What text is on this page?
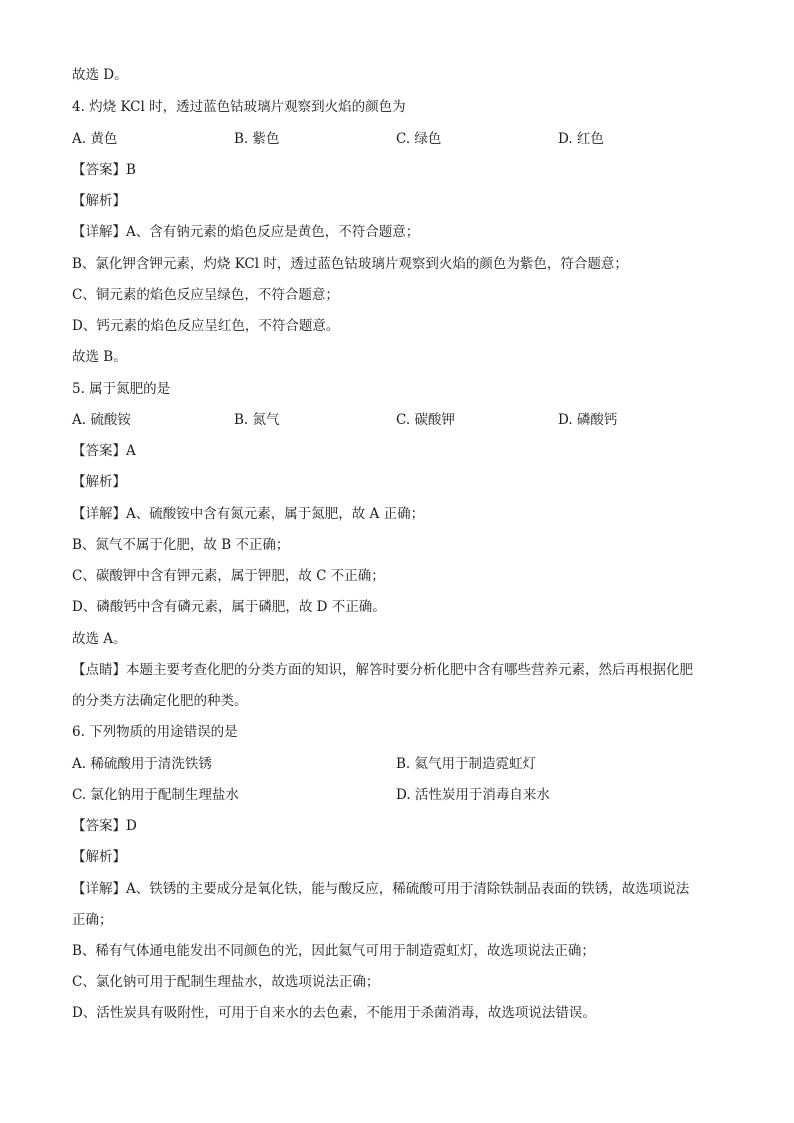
故选 D。
4. 灼烧 KCl 时，透过蓝色钴玻璃片观察到火焰的颜色为
A. 黄色	B. 紫色	C. 绿色	D. 红色
【答案】B
【解析】
【详解】A、含有钠元素的焰色反应是黄色，不符合题意；
B、氯化钾含钾元素，灼烧 KCl 时，透过蓝色钴玻璃片观察到火焰的颜色为紫色，符合题意；
C、铜元素的焰色反应呈绿色，不符合题意；
D、钙元素的焰色反应呈红色，不符合题意。
故选 B。
5. 属于氮肥的是
A. 硫酸铵	B. 氮气	C. 碳酸钾	D. 磷酸钙
【答案】A
【解析】
【详解】A、硫酸铵中含有氮元素，属于氮肥，故 A 正确；
B、氮气不属于化肥，故 B 不正确；
C、碳酸钾中含有钾元素，属于钾肥，故 C 不正确；
D、磷酸钙中含有磷元素，属于磷肥，故 D 不正确。
故选 A。
【点睛】本题主要考查化肥的分类方面的知识，解答时要分析化肥中含有哪些营养元素，然后再根据化肥
的分类方法确定化肥的种类。
6. 下列物质的用途错误的是
A. 稀硫酸用于清洗铁锈	B. 氦气用于制造霓虹灯
C. 氯化钠用于配制生理盐水	D. 活性炭用于消毒自来水
【答案】D
【解析】
【详解】A、铁锈的主要成分是氧化铁，能与酸反应，稀硫酸可用于清除铁制品表面的铁锈，故选项说法
正确；
B、稀有气体通电能发出不同颜色的光，因此氦气可用于制造霓虹灯，故选项说法正确；
C、氯化钠可用于配制生理盐水，故选项说法正确；
D、活性炭具有吸附性，可用于自来水的去色素，不能用于杀菌消毒，故选项说法错误。
